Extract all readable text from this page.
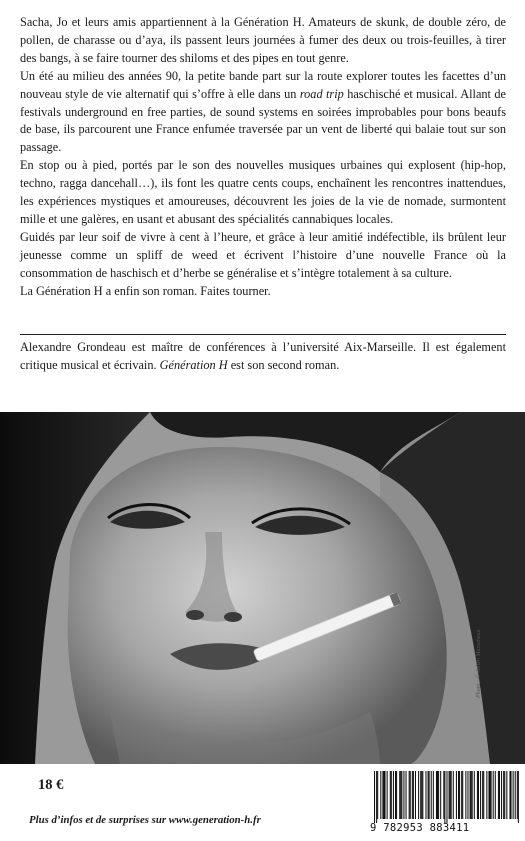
Sacha, Jo et leurs amis appartiennent à la Génération H. Amateurs de skunk, de double zéro, de pollen, de charasse ou d’aya, ils passent leurs journées à fumer des deux ou trois-feuilles, à tirer des bangs, à se faire tourner des shiloms et des pipes en tout genre.

Un été au milieu des années 90, la petite bande part sur la route explorer toutes les facettes d’un nouveau style de vie alternatif qui s’offre à elle dans un road trip haschisché et musical. Allant de festivals underground en free parties, de sound systems en soirées improbables pour bons beaufs de base, ils parcourent une France enfumée traversée par un vent de liberté qui balaie tout sur son passage.

En stop ou à pied, portés par le son des nouvelles musiques urbaines qui explosent (hip-hop, techno, ragga dancehall…), ils font les quatre cents coups, enchaînent les rencontres inattendues, les expériences mystiques et amoureuses, découvrent les joies de la vie de nomade, surmontent mille et une galères, en usant et abusant des spécialités cannabiques locales.

Guidés par leur soif de vivre à cent à l’heure, et grâce à leur amitié indéfectible, ils brûlent leur jeunesse comme un spliff de weed et écrivent l’histoire d’une nouvelle France où la consommation de haschisch et d’herbe se généralise et s’intègre totalement à sa culture.

La Génération H a enfin son roman. Faites tourner.

Alexandre Grondeau est maître de conférences à l’université Aix-Marseille. Il est également critique musical et écrivain. Génération H est son second roman.

Photo : © Julien Masseneau
18 €
Plus d’infos et de surprises sur www.generation-h.fr
9 782953 883411
